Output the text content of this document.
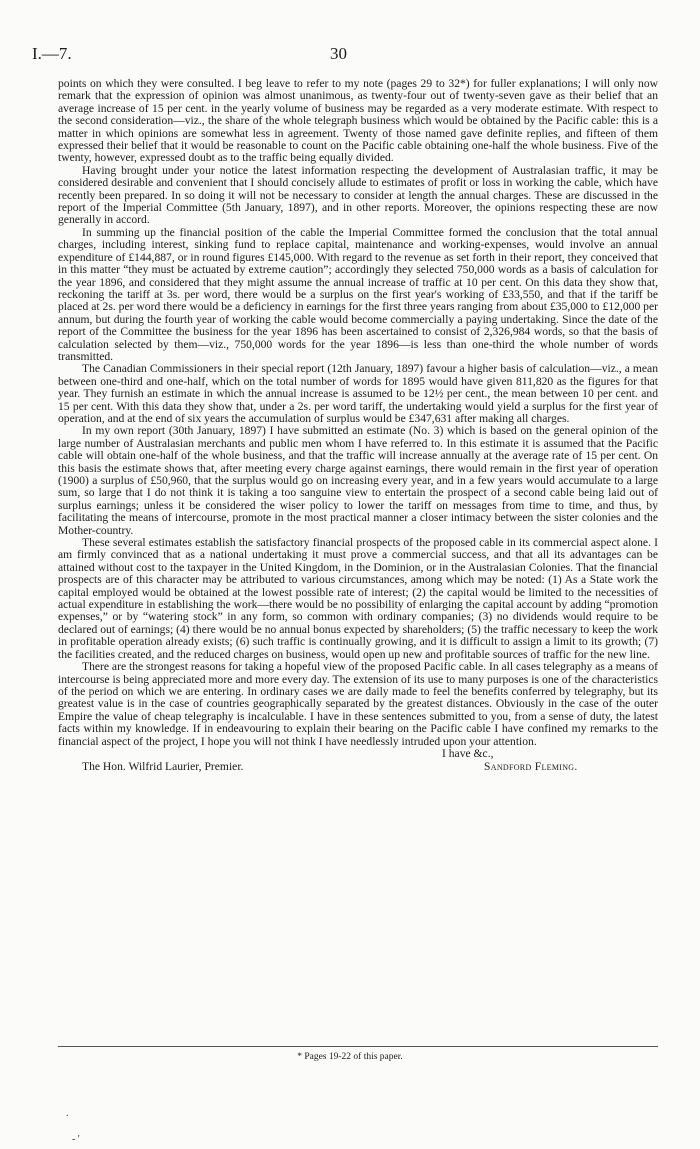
I.—7.	30

points on which they were consulted. I beg leave to refer to my note (pages 29 to 32*) for fuller explanations; I will only now remark that the expression of opinion was almost unanimous, as twenty-four out of twenty-seven gave as their belief that an average increase of 15 per cent. in the yearly volume of business may be regarded as a very moderate estimate. With respect to the second consideration—viz., the share of the whole telegraph business which would be obtained by the Pacific cable: this is a matter in which opinions are somewhat less in agreement. Twenty of those named gave definite replies, and fifteen of them expressed their belief that it would be reasonable to count on the Pacific cable obtaining one-half the whole business. Five of the twenty, however, expressed doubt as to the traffic being equally divided.

Having brought under your notice the latest information respecting the development of Australasian traffic, it may be considered desirable and convenient that I should concisely allude to estimates of profit or loss in working the cable, which have recently been prepared. In so doing it will not be necessary to consider at length the annual charges. These are discussed in the report of the Imperial Committee (5th January, 1897), and in other reports. Moreover, the opinions respecting these are now generally in accord.

In summing up the financial position of the cable the Imperial Committee formed the conclusion that the total annual charges, including interest, sinking fund to replace capital, maintenance and working-expenses, would involve an annual expenditure of £144,887, or in round figures £145,000. With regard to the revenue as set forth in their report, they conceived that in this matter “they must be actuated by extreme caution”; accordingly they selected 750,000 words as a basis of calculation for the year 1896, and considered that they might assume the annual increase of traffic at 10 per cent. On this data they show that, reckoning the tariff at 3s. per word, there would be a surplus on the first year's working of £33,550, and that if the tariff be placed at 2s. per word there would be a deficiency in earnings for the first three years ranging from about £35,000 to £12,000 per annum, but during the fourth year of working the cable would become commercially a paying undertaking. Since the date of the report of the Committee the business for the year 1896 has been ascertained to consist of 2,326,984 words, so that the basis of calculation selected by them—viz., 750,000 words for the year 1896—is less than one-third the whole number of words transmitted.

The Canadian Commissioners in their special report (12th January, 1897) favour a higher basis of calculation—viz., a mean between one-third and one-half, which on the total number of words for 1895 would have given 811,820 as the figures for that year. They furnish an estimate in which the annual increase is assumed to be 12½ per cent., the mean between 10 per cent. and 15 per cent. With this data they show that, under a 2s. per word tariff, the undertaking would yield a surplus for the first year of operation, and at the end of six years the accumulation of surplus would be £347,631 after making all charges.

In my own report (30th January, 1897) I have submitted an estimate (No. 3) which is based on the general opinion of the large number of Australasian merchants and public men whom I have referred to. In this estimate it is assumed that the Pacific cable will obtain one-half of the whole business, and that the traffic will increase annually at the average rate of 15 per cent. On this basis the estimate shows that, after meeting every charge against earnings, there would remain in the first year of operation (1900) a surplus of £50,960, that the surplus would go on increasing every year, and in a few years would accumulate to a large sum, so large that I do not think it is taking a too sanguine view to entertain the prospect of a second cable being laid out of surplus earnings; unless it be considered the wiser policy to lower the tariff on messages from time to time, and thus, by facilitating the means of intercourse, promote in the most practical manner a closer intimacy between the sister colonies and the Mother-country.

These several estimates establish the satisfactory financial prospects of the proposed cable in its commercial aspect alone. I am firmly convinced that as a national undertaking it must prove a commercial success, and that all its advantages can be attained without cost to the taxpayer in the United Kingdom, in the Dominion, or in the Australasian Colonies. That the financial prospects are of this character may be attributed to various circumstances, among which may be noted: (1) As a State work the capital employed would be obtained at the lowest possible rate of interest; (2) the capital would be limited to the necessities of actual expenditure in establishing the work—there would be no possibility of enlarging the capital account by adding “promotion expenses,” or by “watering stock” in any form, so common with ordinary companies; (3) no dividends would require to be declared out of earnings; (4) there would be no annual bonus expected by shareholders; (5) the traffic necessary to keep the work in profitable operation already exists; (6) such traffic is continually growing, and it is difficult to assign a limit to its growth; (7) the facilities created, and the reduced charges on business, would open up new and profitable sources of traffic for the new line.

There are the strongest reasons for taking a hopeful view of the proposed Pacific cable. In all cases telegraphy as a means of intercourse is being appreciated more and more every day. The extension of its use to many purposes is one of the characteristics of the period on which we are entering. In ordinary cases we are daily made to feel the benefits conferred by telegraphy, but its greatest value is in the case of countries geographically separated by the greatest distances. Obviously in the case of the outer Empire the value of cheap telegraphy is incalculable. I have in these sentences submitted to you, from a sense of duty, the latest facts within my knowledge. If in endeavouring to explain their bearing on the Pacific cable I have confined my remarks to the financial aspect of the project, I hope you will not think I have needlessly intruded upon your attention.

I have &c.,
The Hon. Wilfrid Laurier, Premier.	Sandford Fleming.
* Pages 19-22 of this paper.
.
- '
